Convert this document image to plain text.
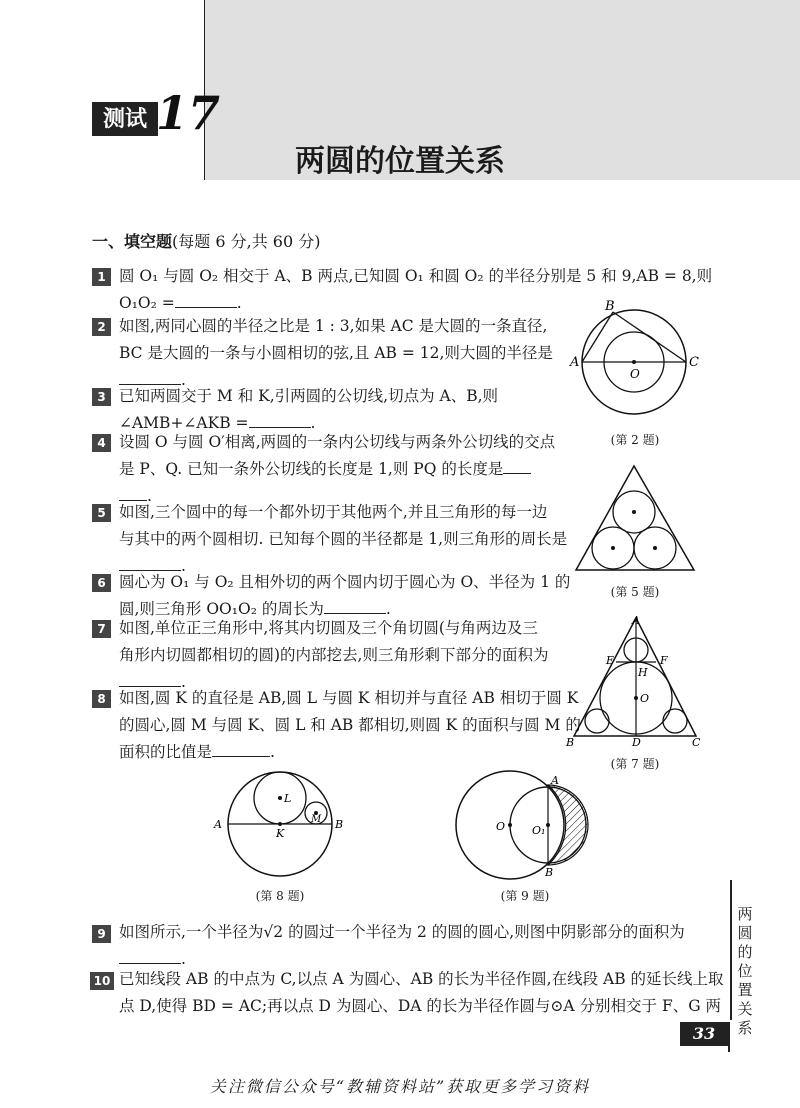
测试 17
两圆的位置关系
一、填空题(每题 6 分,共 60 分)
1 圆 O₁ 与圆 O₂ 相交于 A、B 两点,已知圆 O₁ 和圆 O₂ 的半径分别是 5 和 9,AB = 8,则
O₁O₂ =	.
2 如图,两同心圆的半径之比是 1 : 3,如果 AC 是大圆的一条直径,
BC 是大圆的一条与小圆相切的弦,且 AB = 12,则大圆的半径是
.
3 已知两圆交于 M 和 K,引两圆的公切线,切点为 A、B,则
∠AMB+∠AKB =	.
4 设圆 O 与圆 O′相离,两圆的一条内公切线与两条外公切线的交点
是 P、Q. 已知一条外公切线的长度是 1,则 PQ 的长度是
.
5 如图,三个圆中的每一个都外切于其他两个,并且三角形的每一边
与其中的两个圆相切. 已知每个圆的半径都是 1,则三角形的周长是
.
6 圆心为 O₁ 与 O₂ 且相外切的两个圆内切于圆心为 O、半径为 1 的
圆,则三角形 OO₁O₂ 的周长为	.
7 如图,单位正三角形中,将其内切圆及三个角切圆(与角两边及三
角形内切圆都相切的圆)的内部挖去,则三角形剩下部分的面积为
.
8 如图,圆 K 的直径是 AB,圆 L 与圆 K 相切并与直径 AB 相切于圆 K
的圆心,圆 M 与圆 K、圆 L 和 AB 都相切,则圆 K 的面积与圆 M 的
面积的比值是	.
A
B
C
O
(第 2 题)
(第 5 题)
A
E	F
H
O
B	D	C
(第 7 题)
A	B
K
L
M
(第 8 题)
O O₁
A
B
(第 9 题)
9 如图所示,一个半径为√2 的圆过一个半径为 2 的圆的圆心,则图中阴影部分的面积为
.
10 已知线段 AB 的中点为 C,以点 A 为圆心、AB 的长为半径作圆,在线段 AB 的延长线上取
点 D,使得 BD = AC;再以点 D 为圆心、DA 的长为半径作圆与⊙A 分别相交于 F、G 两
两圆的位置关系
33
关注微信公众号“教辅资料站”获取更多学习资料
